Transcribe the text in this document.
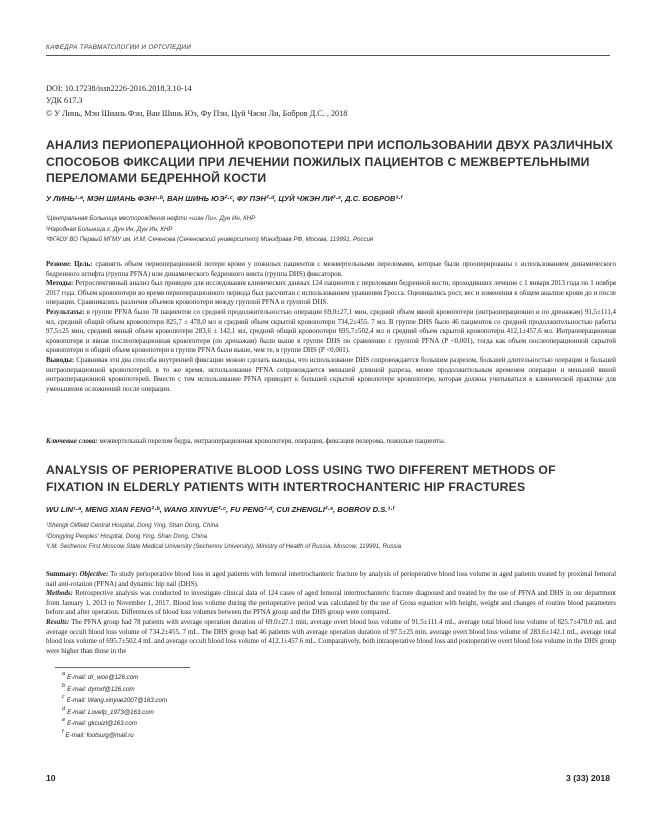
КАФЕДРА ТРАВМАТОЛОГИИ И ОРТОПЕДИИ
DOI: 10.17238/issn2226-2016.2018.3.10-14
УДК 617.3
© У Линь, Мэн Шиань Фэн, Ван Шинь Юэ, Фу Пэн, Цуй Чжэн Ли, Бобров Д.С. , 2018
АНАЛИЗ ПЕРИОПЕРАЦИОННОЙ КРОВОПОТЕРИ ПРИ ИСПОЛЬЗОВАНИИ ДВУХ РАЗЛИЧНЫХ СПОСОБОВ ФИКСАЦИИ ПРИ ЛЕЧЕНИИ ПОЖИЛЫХ ПАЦИЕНТОВ С МЕЖВЕРТЕЛЬНЫМИ ПЕРЕЛОМАМИ БЕДРЕННОЙ КОСТИ
У ЛИНЬ¹·ᵃ, МЭН ШИАНЬ ФЭН¹·ᵇ, ВАН ШИНЬ ЮЭ²·ᶜ, ФУ ПЭН²·ᵈ, ЦУЙ ЧЖЭН ЛИ²·ᵉ, Д.С. БОБРОВ³·ᶠ
¹Центральная Больница месторождения нефти «шэн Ли», Дун Ин, КНР
²Народная Больница г. Дун Ин, Дун Ин, КНР
³ФГАОУ ВО Первый МГМУ им. И.М. Сеченова (Сеченовский университет) Минздрава РФ, Москва, 119991, Россия

Резюме: Цель: сравнить объем периоперационной потери крови у пожилых пациентов с межвертельными переломами, которые были прооперированы с использованием динамического бедренного штифта (группа PFNA) или динамического бедренного винта (группа DHS) фиксаторов.

Методы: Ретроспективный анализ был проведен для исследования клинических данных 124 пациентов с переломами бедренной кости, проходивших лечение с 1 января 2013 года по 1 ноября 2017 года. Объем кровопотери во время периоперационного периода был рассчитан с использованием уравнения Гросса. Оценивались рост, вес и изменения в общем анализе крови до и после операции. Сравнивались различия объемов кровопотери между группой PFNA и группой DHS.

Результаты: в группе PFNA было 78 пациентов со средней продолжительностью операции 69,0±27,1 мин, средний объем явной кровопотери (интраоперационно и по дренажам) 91,5±111,4 мл, средний общий объем кровопотери 825,7 ± 478,0 мл и средний объем скрытой кровопотери 734,2±455. 7 мл. В группе DHS было 46 пациентов со средней продолжительностью работы 97,5±25 мин, средний явный объем кровопотери 283,6 ± 142,1 мл, средний общий кровопотери 695,7±502,4 мл и средний объем скрытой кровопотери 412,1±457,6 мл. Интраоперационная кровопотеря и явная послеоперационная кровопотеря (по дренажам) были выше в группе DHS по сравнению с группой PFNA (P <0,001), тогда как объем послеоперационной скрытой кровопотери и общий объем кровопотери в группе PFNA были выше, чем те, в группе DHS (P <0,001).

Выводы: Сравнивая эти два способа внутренней фиксации можно сделать выводы, что использование DHS сопровождается большим разрезом, большей длительностью операции и большей интраоперационной кровопотерей, в то же время, использование PFNA сопровождается меньшей длинной разреза, менее продолжительным временем операции и меньшей явной интраоперационной кровопотерей. Вместе с тем использование PFNA приводит к большей скрытой кровопотере кровопотере, которая должна учитываться в клинической практике для уменьшения осложнений после операции.

Ключевые слова: межвертельный перелом бедра, интраоперационная кровопотеря, операция, фиксация пелерома, пожилые пациенты.
ANALYSIS OF PERIOPERATIVE BLOOD LOSS USING TWO DIFFERENT METHODS OF FIXATION IN ELDERLY PATIENTS WITH INTERTROCHANTERIC HIP FRACTURES
WU LIN¹·ᵃ, MENG XIAN FENG²·ᵇ, WANG XINYUE²·ᶜ, FU PENG²·ᵈ, CUI ZHENGLI²·ᵉ, BOBROV D.S.³·ᶠ
¹Shengli Oilfield Central Hospital, Dong Ying, Shan Dong, China
²Dongying Peoples' Hospital, Dong Ying, Shan Dong, China
³I.M. Sechenov First Moscow State Medical University (Sechenov University), Ministry of Health of Russia, Moscow, 119991, Russia

Summary: Objective: To study perioperative blood loss in aged patients with femoral intertrochanteric fracture by analysis of perioperative blood loss volume in aged patients treated by proximal femoral nail anti-rotation (PFNA) and dynamic hip nail (DHS).

Methods: Retrospective analysis was conducted to investigate clinical data of 124 cases of aged femoral intertrochanteric fracture diagnosed and treated by the use of PFNA and DHS in our department from January 1, 2013 to November 1, 2017. Blood loss volume during the perioperative period was calculated by the use of Gross equation with height, weight and changes of routine blood parameters before and after operation. Differences of blood loss volumes between the PFNA group and the DHS group were compared.

Results: The PFNA group had 78 patients with average operation duration of 69.0±27.1 min, average overt blood loss volume of 91.5±111.4 mL, average total blood loss volume of 825.7±478.0 mL and average occult blood loss volume of 734.2±455. 7 mL. The DHS group had 46 patients with average operation duration of 97.5±25 min, average overt blood loss volume of 283.6±142.1 mL, average total blood loss volume of 695.7±502.4 mL and average occult blood loss volume of 412.1±457.6 mL. Comparatively, both intraoperative blood loss and postoperative overt blood loss volume in the DHS group were higher than those in the

$^a$E-mail: dr_woo@126.com
$^b$E-mail: dymxf@126.com
$^c$E-mail: Wang.xinyue2007@163.com
$^d$E-mail: Lovefp_1973@163.com
$^e$E-mail: gkcuizl@163.com
$^f$E-mail: footsurg@mail.ru
10	3 (33) 2018
